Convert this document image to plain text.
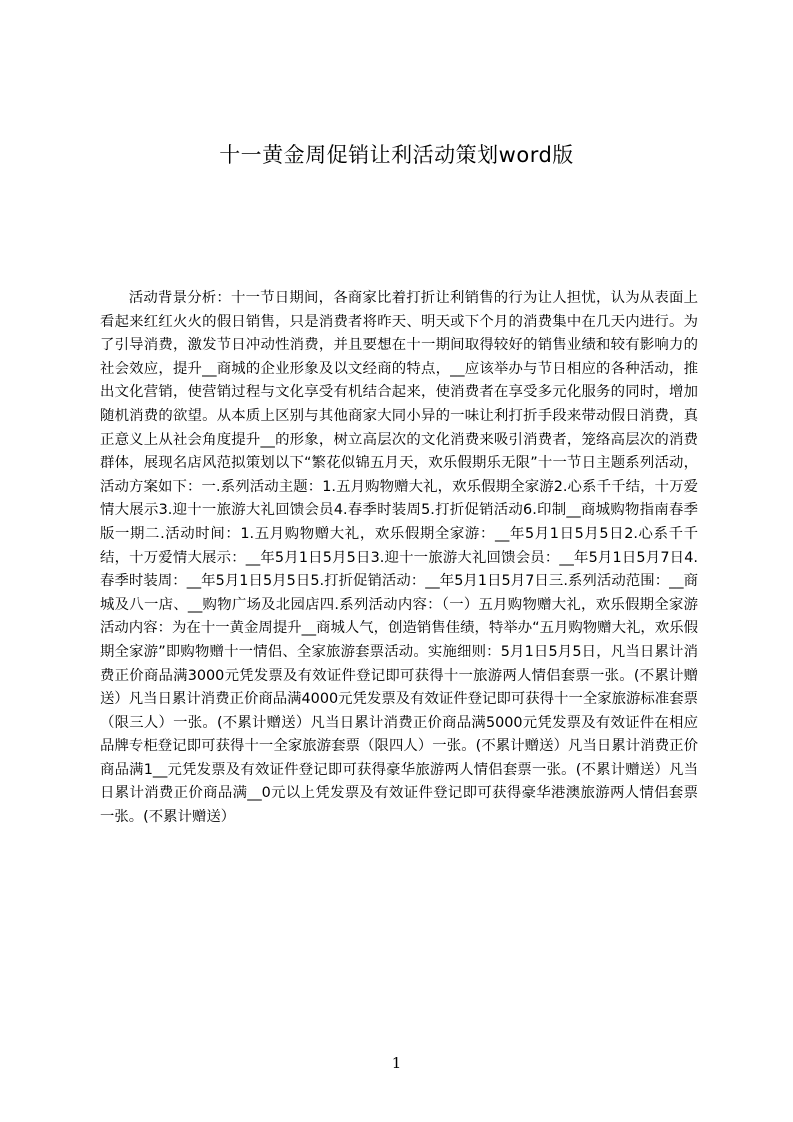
十一黄金周促销让利活动策划word版

活动背景分析：十一节日期间，各商家比着打折让利销售的行为让人担忧，认为从表面上看起来红红火火的假日销售，只是消费者将昨天、明天或下个月的消费集中在几天内进行。为了引导消费，激发节日冲动性消费，并且要想在十一期间取得较好的销售业绩和较有影响力的社会效应，提升__商城的企业形象及以文经商的特点，__应该举办与节日相应的各种活动，推出文化营销，使营销过程与文化享受有机结合起来，使消费者在享受多元化服务的同时，增加随机消费的欲望。从本质上区别与其他商家大同小异的一味让利打折手段来带动假日消费，真正意义上从社会角度提升__的形象，树立高层次的文化消费来吸引消费者，笼络高层次的消费群体，展现名店风范拟策划以下“繁花似锦五月天，欢乐假期乐无限”十一节日主题系列活动，活动方案如下：一.系列活动主题：1.五月购物赠大礼，欢乐假期全家游2.心系千千结，十万爱情大展示3.迎十一旅游大礼回馈会员4.春季时装周5.打折促销活动6.印制__商城购物指南春季版一期二.活动时间：1.五月购物赠大礼，欢乐假期全家游：__年5月1日5月5日2.心系千千结，十万爱情大展示：__年5月1日5月5日3.迎十一旅游大礼回馈会员：__年5月1日5月7日4.春季时装周：__年5月1日5月5日5.打折促销活动：__年5月1日5月7日三.系列活动范围：__商城及八一店、__购物广场及北园店四.系列活动内容：（一）五月购物赠大礼，欢乐假期全家游活动内容：为在十一黄金周提升__商城人气，创造销售佳绩，特举办“五月购物赠大礼，欢乐假期全家游”即购物赠十一情侣、全家旅游套票活动。实施细则：5月1日5月5日，凡当日累计消费正价商品满3000元凭发票及有效证件登记即可获得十一旅游两人情侣套票一张。(不累计赠送）凡当日累计消费正价商品满4000元凭发票及有效证件登记即可获得十一全家旅游标准套票（限三人）一张。(不累计赠送）凡当日累计消费正价商品满5000元凭发票及有效证件在相应品牌专柜登记即可获得十一全家旅游套票（限四人）一张。(不累计赠送）凡当日累计消费正价商品满1__元凭发票及有效证件登记即可获得豪华旅游两人情侣套票一张。(不累计赠送）凡当日累计消费正价商品满__0元以上凭发票及有效证件登记即可获得豪华港澳旅游两人情侣套票一张。(不累计赠送）

1
